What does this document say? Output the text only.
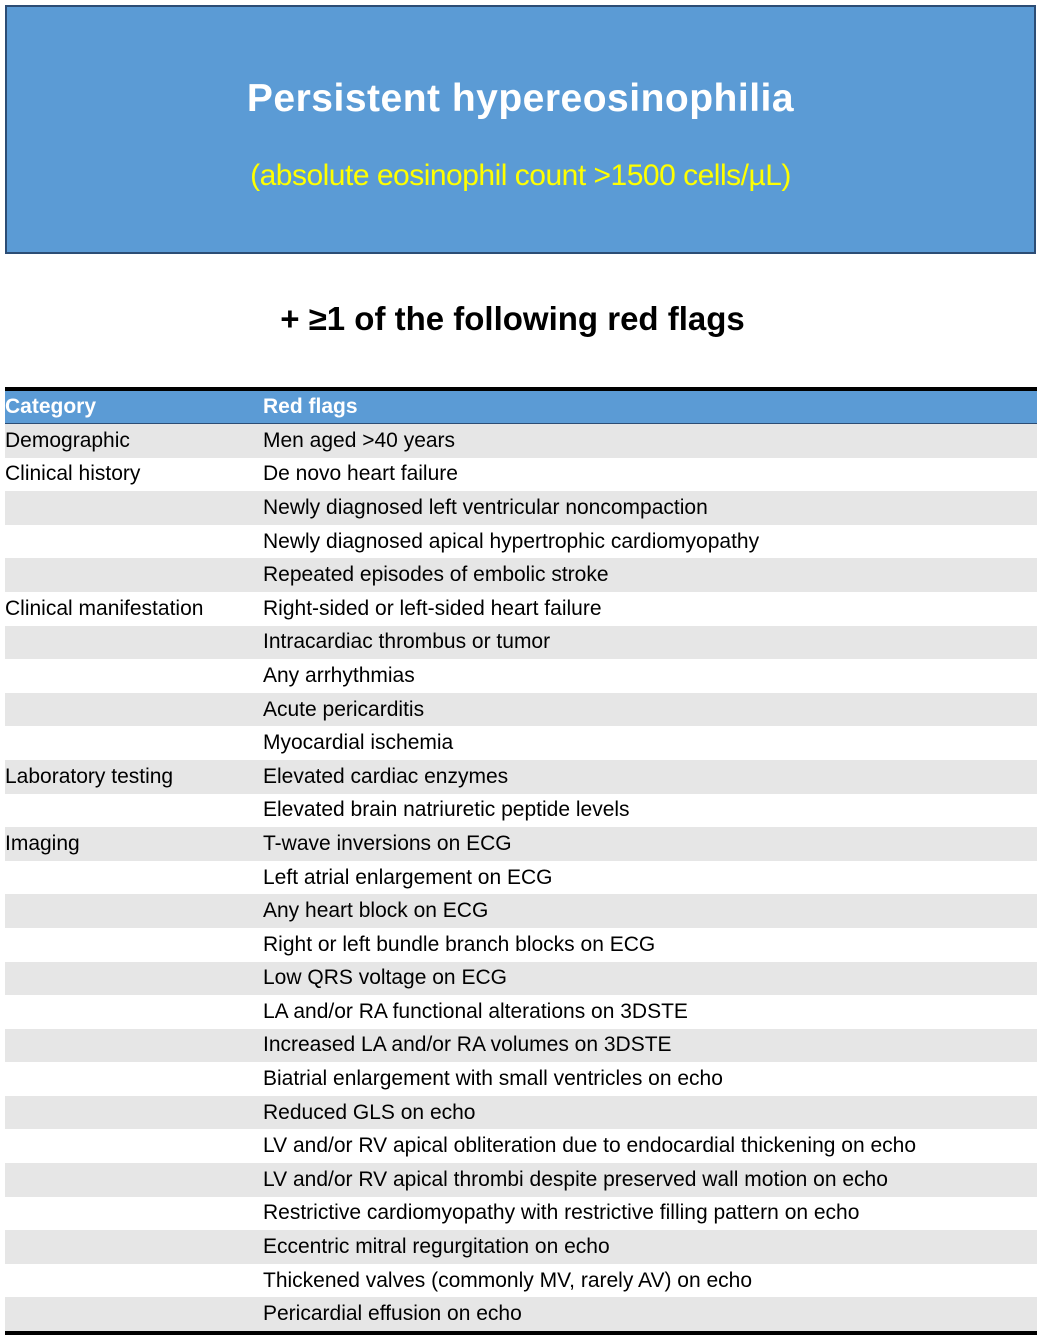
Persistent hypereosinophilia
(absolute eosinophil count >1500 cells/µL)
+ ≥1 of the following red flags
Category	Red flags
Demographic	Men aged >40 years
Clinical history	De novo heart failure
Newly diagnosed left ventricular noncompaction
Newly diagnosed apical hypertrophic cardiomyopathy
Repeated episodes of embolic stroke
Clinical manifestation	Right-sided or left-sided heart failure
Intracardiac thrombus or tumor
Any arrhythmias
Acute pericarditis
Myocardial ischemia
Laboratory testing	Elevated cardiac enzymes
Elevated brain natriuretic peptide levels
Imaging	T-wave inversions on ECG
Left atrial enlargement on ECG
Any heart block on ECG
Right or left bundle branch blocks on ECG
Low QRS voltage on ECG
LA and/or RA functional alterations on 3DSTE
Increased LA and/or RA volumes on 3DSTE
Biatrial enlargement with small ventricles on echo
Reduced GLS on echo
LV and/or RV apical obliteration due to endocardial thickening on echo
LV and/or RV apical thrombi despite preserved wall motion on echo
Restrictive cardiomyopathy with restrictive filling pattern on echo
Eccentric mitral regurgitation on echo
Thickened valves (commonly MV, rarely AV) on echo
Pericardial effusion on echo
